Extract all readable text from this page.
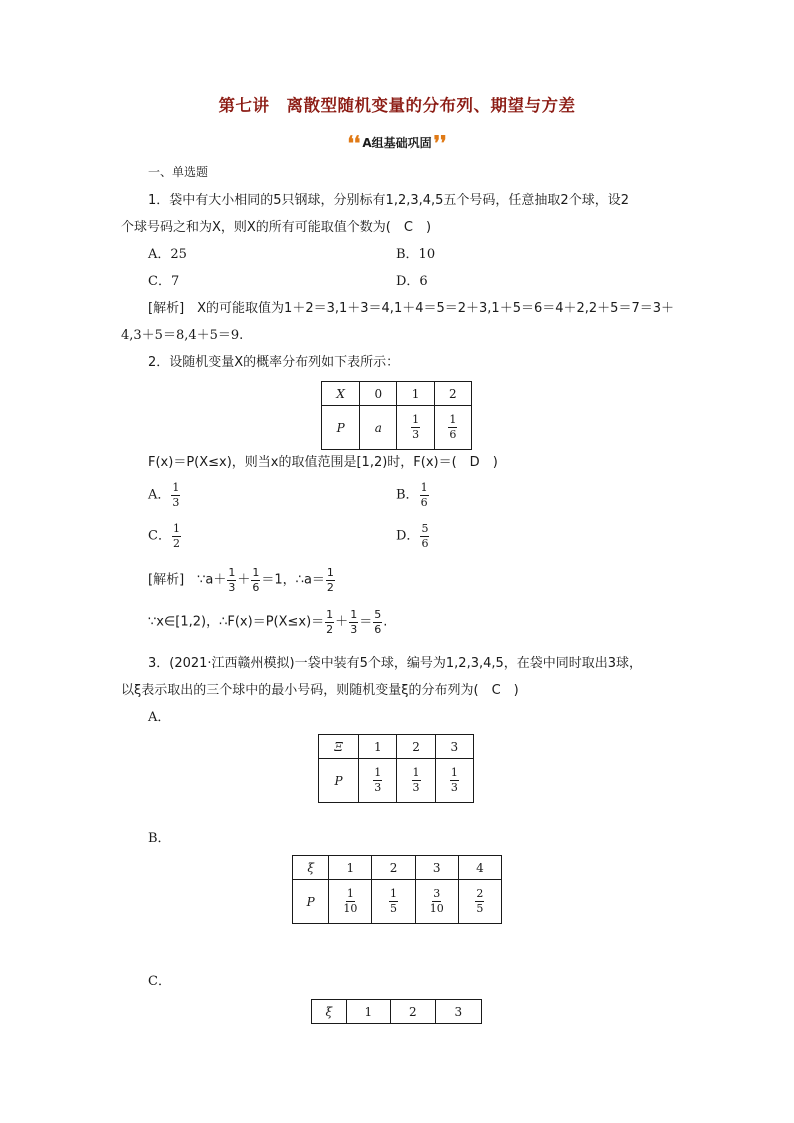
第七讲　离散型随机变量的分布列、期望与方差
❛❛ A组基础巩固 ❜❜
一、单选题
1．袋中有大小相同的5只钢球，分别标有1,2,3,4,5五个号码，任意抽取2个球，设2
个球号码之和为X，则X的所有可能取值个数为(　C　)
A．25	B．10
C．7	D．6
[解析]　X的可能取值为1＋2＝3,1＋3＝4,1＋4＝5＝2＋3,1＋5＝6＝4＋2,2＋5＝7＝3＋
4,3＋5＝8,4＋5＝9.
2．设随机变量X的概率分布列如下表所示：
X	0	1	2
P	a	$\frac{1}{3}$	$\frac{1}{6}$
F(x)＝P(X≤x)，则当x的取值范围是[1,2)时，F(x)＝(　D　)
A． $\frac{1}{3}$	B． $\frac{1}{6}$
C． $\frac{1}{2}$	D． $\frac{5}{6}$
[解析]　∵a＋ $\frac{1}{3} + \frac{1}{6} =1$，∴a＝ $\frac{1}{2}$
∵x∈[1,2)，∴F(x)＝P(X≤x)＝ $\frac{1}{2} + \frac{1}{3} = \frac{5}{6}$ .
3．(2021·江西赣州模拟)一袋中装有5个球，编号为1,2,3,4,5，在袋中同时取出3球，
以ξ表示取出的三个球中的最小号码，则随机变量ξ的分布列为(　C　)
A．
Ξ	1	2	3
P	$\frac{1}{3}$	$\frac{1}{3}$	$\frac{1}{3}$
B．
ξ	1	2	3	4
P	$\frac{1}{10}$	$\frac{1}{5}$	$\frac{3}{10}$	$\frac{2}{5}$
C．
ξ	1	2	3
